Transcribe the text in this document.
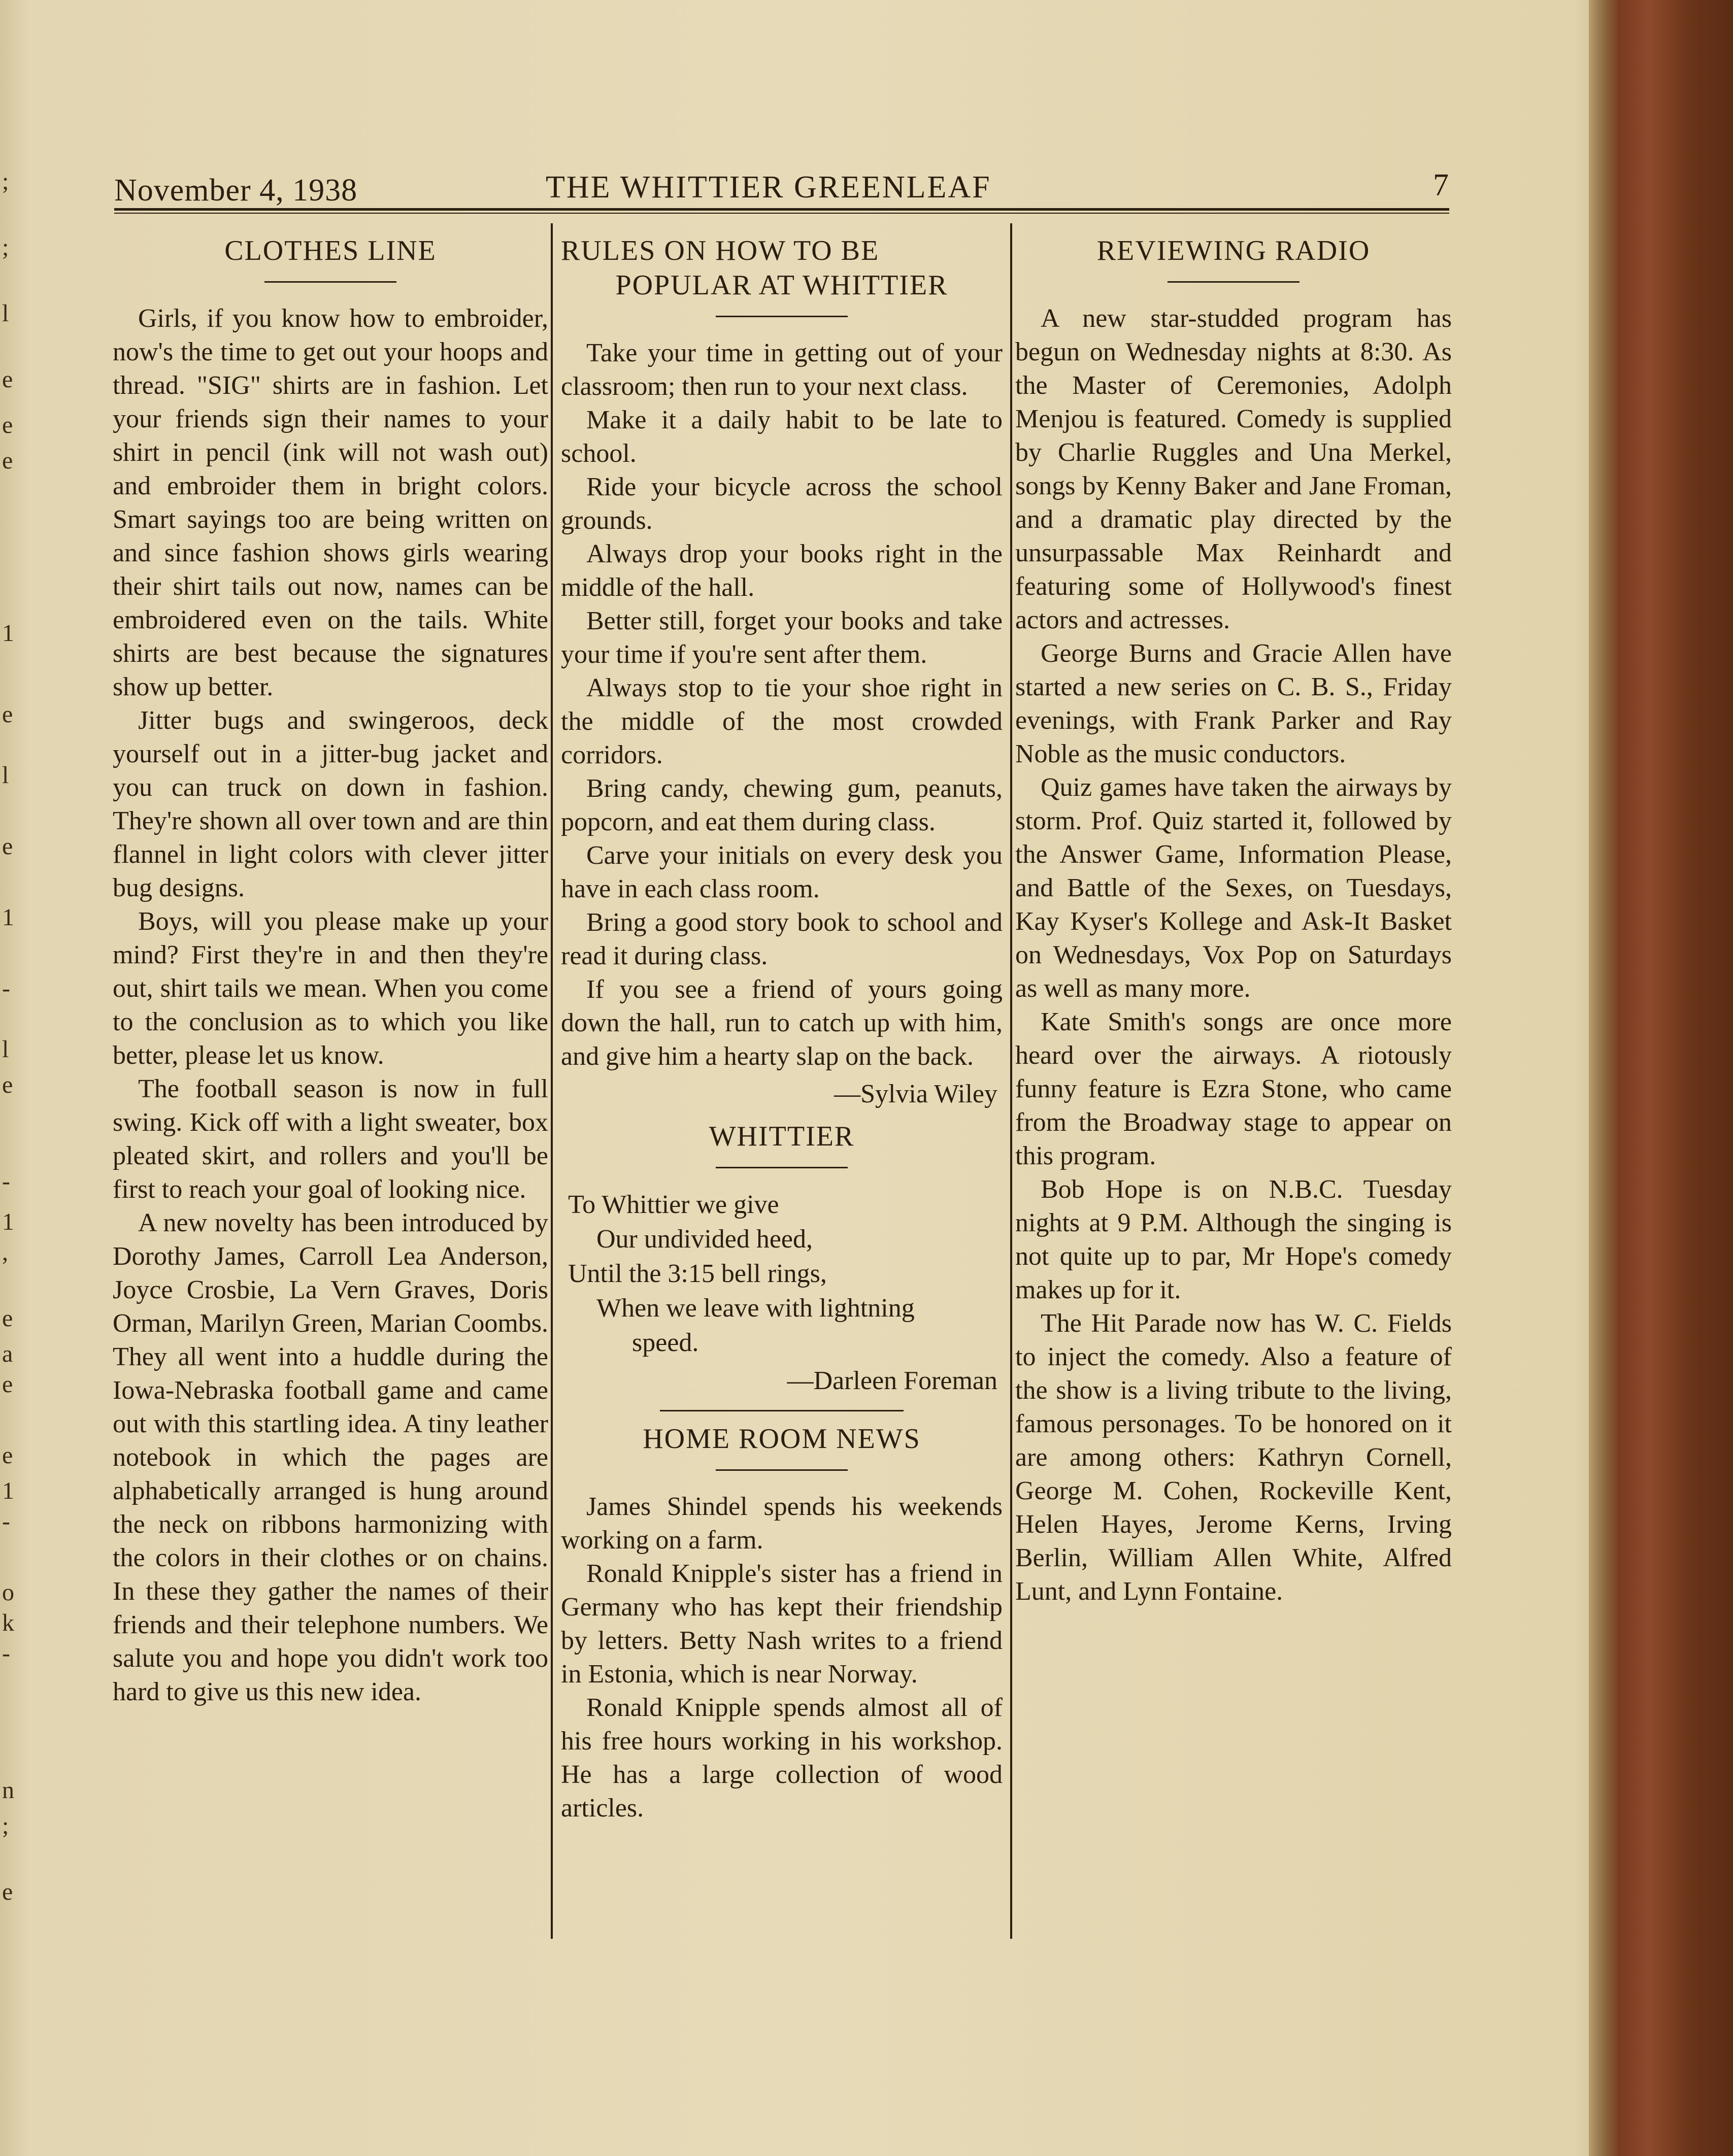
;
;
l
e
e
e
1
e
l
e
1
-
l
e
-
1
,
e
a
e
e
1
-
o
k
-
n
;
e
November 4, 1938	THE WHITTIER GREENLEAF	7
CLOTHES LINE

Girls, if you know how to embroider, now's the time to get out your hoops and thread. "SIG" shirts are in fashion. Let your friends sign their names to your shirt in pencil (ink will not wash out) and embroider them in bright colors. Smart sayings too are being written on and since fashion shows girls wearing their shirt tails out now, names can be embroidered even on the tails. White shirts are best because the signatures show up better.

Jitter bugs and swingeroos, deck yourself out in a jitter-bug jacket and you can truck on down in fashion. They're shown all over town and are thin flannel in light colors with clever jitter bug designs.

Boys, will you please make up your mind? First they're in and then they're out, shirt tails we mean. When you come to the conclusion as to which you like better, please let us know.

The football season is now in full swing. Kick off with a light sweater, box pleated skirt, and rollers and you'll be first to reach your goal of looking nice.

A new novelty has been introduced by Dorothy James, Carroll Lea Anderson, Joyce Crosbie, La Vern Graves, Doris Orman, Marilyn Green, Marian Coombs. They all went into a huddle during the Iowa-Nebraska football game and came out with this startling idea. A tiny leather notebook in which the pages are alphabetically arranged is hung around the neck on ribbons harmonizing with the colors in their clothes or on chains. In these they gather the names of their friends and their telephone numbers. We salute you and hope you didn't work too hard to give us this new idea.

RULES ON HOW TO BE
POPULAR AT WHITTIER

Take your time in getting out of your classroom; then run to your next class.

Make it a daily habit to be late to school.

Ride your bicycle across the school grounds.

Always drop your books right in the middle of the hall.

Better still, forget your books and take your time if you're sent after them.

Always stop to tie your shoe right in the middle of the most crowded corridors.

Bring candy, chewing gum, peanuts, popcorn, and eat them during class.

Carve your initials on every desk you have in each class room.

Bring a good story book to school and read it during class.

If you see a friend of yours going down the hall, run to catch up with him, and give him a hearty slap on the back.

—Sylvia Wiley
WHITTIER
To Whittier we give
Our undivided heed,
Until the 3:15 bell rings,
When we leave with lightning
speed.
—Darleen Foreman
HOME ROOM NEWS

James Shindel spends his weekends working on a farm.

Ronald Knipple's sister has a friend in Germany who has kept their friendship by letters. Betty Nash writes to a friend in Estonia, which is near Norway.

Ronald Knipple spends almost all of his free hours working in his workshop. He has a large collection of wood articles.

REVIEWING RADIO

A new star-studded program has begun on Wednesday nights at 8:30. As the Master of Ceremonies, Adolph Menjou is featured. Comedy is supplied by Charlie Ruggles and Una Merkel, songs by Kenny Baker and Jane Froman, and a dramatic play directed by the unsurpassable Max Reinhardt and featuring some of Hollywood's finest actors and actresses.

George Burns and Gracie Allen have started a new series on C. B. S., Friday evenings, with Frank Parker and Ray Noble as the music conductors.

Quiz games have taken the airways by storm. Prof. Quiz started it, followed by the Answer Game, Information Please, and Battle of the Sexes, on Tuesdays, Kay Kyser's Kollege and Ask-It Basket on Wednesdays, Vox Pop on Saturdays as well as many more.

Kate Smith's songs are once more heard over the airways. A riotously funny feature is Ezra Stone, who came from the Broadway stage to appear on this program.

Bob Hope is on N.B.C. Tuesday nights at 9 P.M. Although the singing is not quite up to par, Mr Hope's comedy makes up for it.

The Hit Parade now has W. C. Fields to inject the comedy. Also a feature of the show is a living tribute to the living, famous personages. To be honored on it are among others: Kathryn Cornell, George M. Cohen, Rockeville Kent, Helen Hayes, Jerome Kerns, Irving Berlin, William Allen White, Alfred Lunt, and Lynn Fontaine.
